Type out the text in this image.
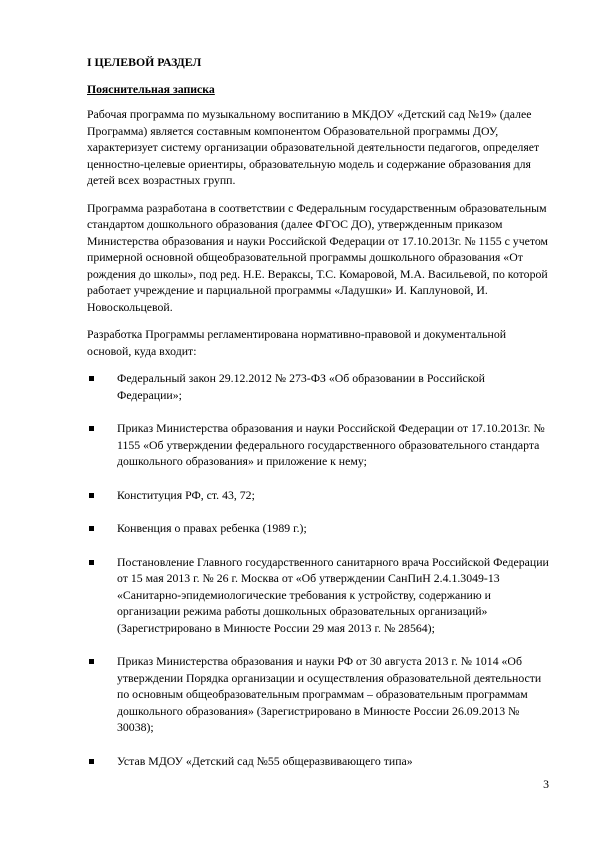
I ЦЕЛЕВОЙ РАЗДЕЛ
Пояснительная записка

Рабочая программа по музыкальному воспитанию в МКДОУ «Детский сад №19» (далее Программа) является составным компонентом Образовательной программы ДОУ, характеризует систему организации образовательной деятельности педагогов, определяет ценностно-целевые ориентиры, образовательную модель и содержание образования для детей всех возрастных групп.

Программа разработана в соответствии с Федеральным государственным образовательным стандартом дошкольного образования (далее ФГОС ДО), утвержденным приказом Министерства образования и науки Российской Федерации от 17.10.2013г. № 1155 с учетом примерной основной общеобразовательной программы дошкольного образования «От рождения до школы», под ред. Н.Е. Вераксы, Т.С. Комаровой, М.А. Васильевой, по которой работает учреждение и парциальной программы «Ладушки» И. Каплуновой, И. Новоскольцевой.

Разработка Программы регламентирована нормативно-правовой и документальной основой, куда входит:

Федеральный закон 29.12.2012 № 273-ФЗ «Об образовании в Российской Федерации»;
Приказ Министерства образования и науки Российской Федерации от 17.10.2013г. № 1155 «Об утверждении федерального государственного образовательного стандарта дошкольного образования» и приложение к нему;
Конституция РФ, ст. 43, 72;
Конвенция о правах ребенка (1989 г.);
Постановление Главного государственного санитарного врача Российской Федерации от 15 мая 2013 г. № 26 г. Москва от «Об утверждении СанПиН 2.4.1.3049-13 «Санитарно-эпидемиологические требования к устройству, содержанию и организации режима работы дошкольных образовательных организаций» (Зарегистрировано в Минюсте России 29 мая 2013 г. № 28564);
Приказ Министерства образования и науки РФ от 30 августа 2013 г. № 1014 «Об утверждении Порядка организации и осуществления образовательной деятельности по основным общеобразовательным программам – образовательным программам дошкольного образования» (Зарегистрировано в Минюсте России 26.09.2013 № 30038);
Устав МДОУ «Детский сад №55 общеразвивающего типа»
3
